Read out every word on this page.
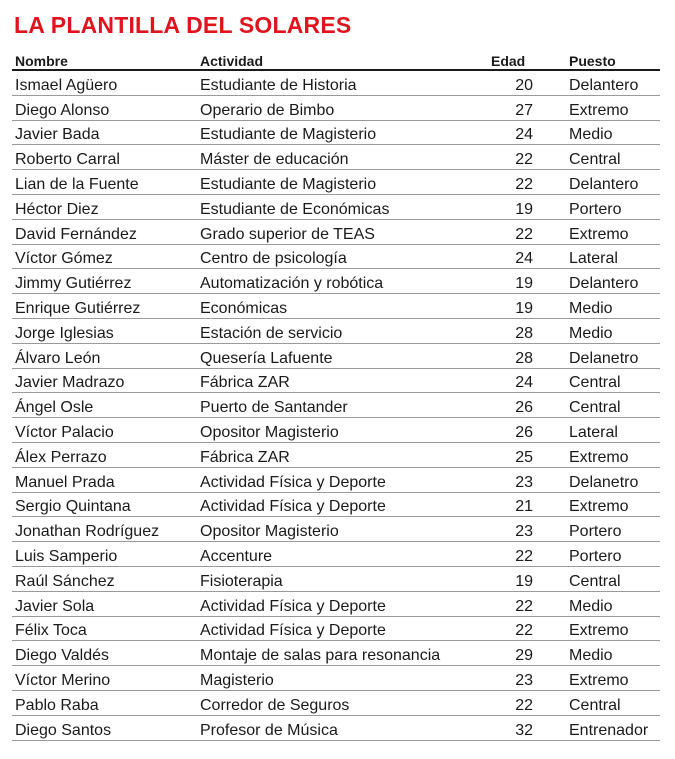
LA PLANTILLA DEL SOLARES
Nombre	Actividad	Edad	Puesto
Ismael Agüero	Estudiante de Historia	20	Delantero
Diego Alonso	Operario de Bimbo	27	Extremo
Javier Bada	Estudiante de Magisterio	24	Medio
Roberto Carral	Máster de educación	22	Central
Lian de la Fuente	Estudiante de Magisterio	22	Delantero
Héctor Diez	Estudiante de Económicas	19	Portero
David Fernández	Grado superior de TEAS	22	Extremo
Víctor Gómez	Centro de psicología	24	Lateral
Jimmy Gutiérrez	Automatización y robótica	19	Delantero
Enrique Gutiérrez	Económicas	19	Medio
Jorge Iglesias	Estación de servicio	28	Medio
Álvaro León	Quesería Lafuente	28	Delanetro
Javier Madrazo	Fábrica ZAR	24	Central
Ángel Osle	Puerto de Santander	26	Central
Víctor Palacio	Opositor Magisterio	26	Lateral
Álex Perrazo	Fábrica ZAR	25	Extremo
Manuel Prada	Actividad Física y Deporte	23	Delanetro
Sergio Quintana	Actividad Física y Deporte	21	Extremo
Jonathan Rodríguez	Opositor Magisterio	23	Portero
Luis Samperio	Accenture	22	Portero
Raúl Sánchez	Fisioterapia	19	Central
Javier Sola	Actividad Física y Deporte	22	Medio
Félix Toca	Actividad Física y Deporte	22	Extremo
Diego Valdés	Montaje de salas para resonancia	29	Medio
Víctor Merino	Magisterio	23	Extremo
Pablo Raba	Corredor de Seguros	22	Central
Diego Santos	Profesor de Música	32	Entrenador
